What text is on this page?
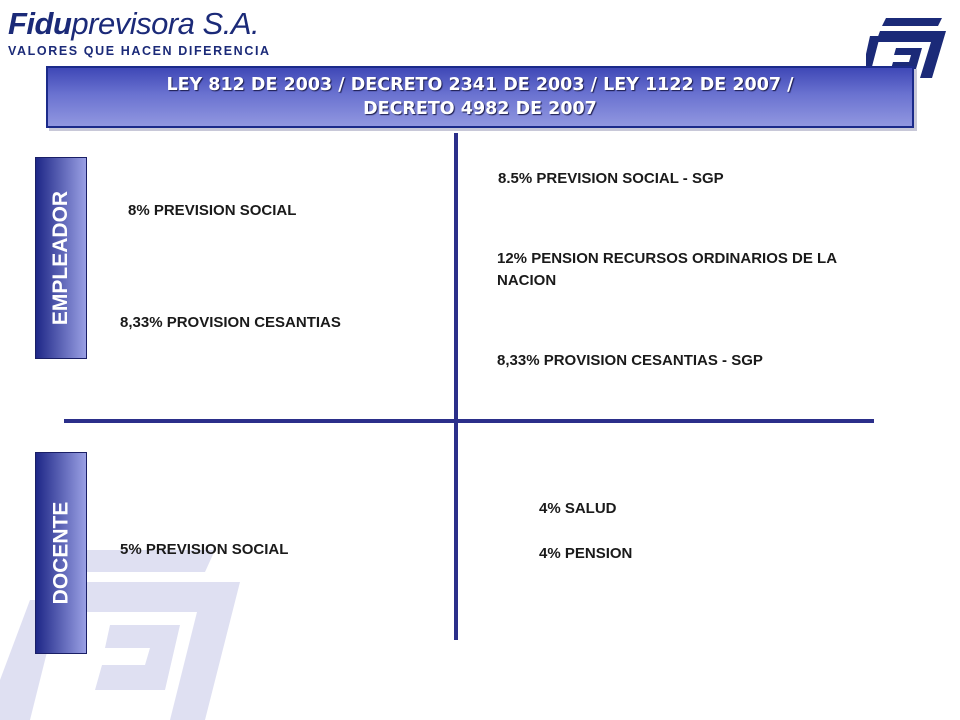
Fiduprevisora S.A.
VALORES QUE HACEN DIFERENCIA
LEY 812 DE 2003 / DECRETO 2341 DE 2003 / LEY 1122 DE 2007 /
DECRETO 4982 DE 2007
EMPLEADOR
DOCENTE
8% PREVISION SOCIAL
8,33% PROVISION CESANTIAS
8.5% PREVISION SOCIAL - SGP
12% PENSION RECURSOS ORDINARIOS DE LA NACION
8,33% PROVISION CESANTIAS - SGP
5% PREVISION SOCIAL
4% SALUD
4% PENSION
